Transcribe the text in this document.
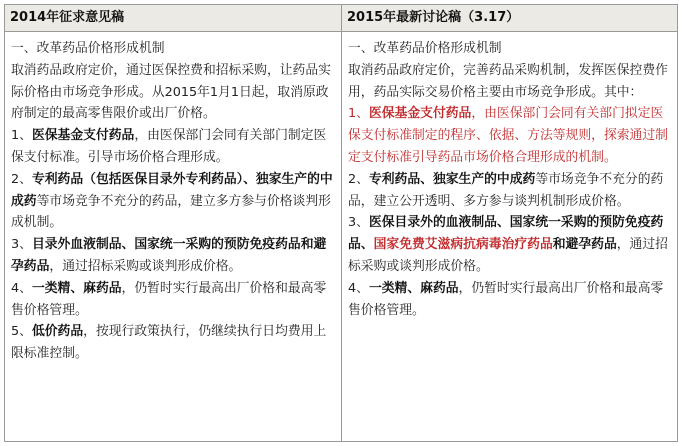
2014年征求意见稿

一、改革药品价格形成机制

取消药品政府定价，通过医保控费和招标采购，让药品实际价格由市场竞争形成。从2015年1月1日起，取消原政府制定的最高零售限价或出厂价格。

1、医保基金支付药品，由医保部门会同有关部门制定医保支付标准。引导市场价格合理形成。

2、专利药品（包括医保目录外专利药品）、独家生产的中成药等市场竞争不充分的药品，建立多方参与价格谈判形成机制。

3、目录外血液制品、国家统一采购的预防免疫药品和避孕药品，通过招标采购或谈判形成价格。

4、一类精、麻药品，仍暂时实行最高出厂价格和最高零售价格管理。

5、低价药品，按现行政策执行，仍继续执行日均费用上限标准控制。

2015年最新讨论稿（3.17）

一、改革药品价格形成机制

取消药品政府定价，完善药品采购机制，发挥医保控费作用，药品实际交易价格主要由市场竞争形成。其中：

1、医保基金支付药品，由医保部门会同有关部门拟定医保支付标准制定的程序、依据、方法等规则，探索通过制定支付标准引导药品市场价格合理形成的机制。

2、专利药品、独家生产的中成药等市场竞争不充分的药品，建立公开透明、多方参与谈判机制形成价格。

3、医保目录外的血液制品、国家统一采购的预防免疫药品、国家免费艾滋病抗病毒治疗药品和避孕药品，通过招标采购或谈判形成价格。

4、一类精、麻药品，仍暂时实行最高出厂价格和最高零售价格管理。
